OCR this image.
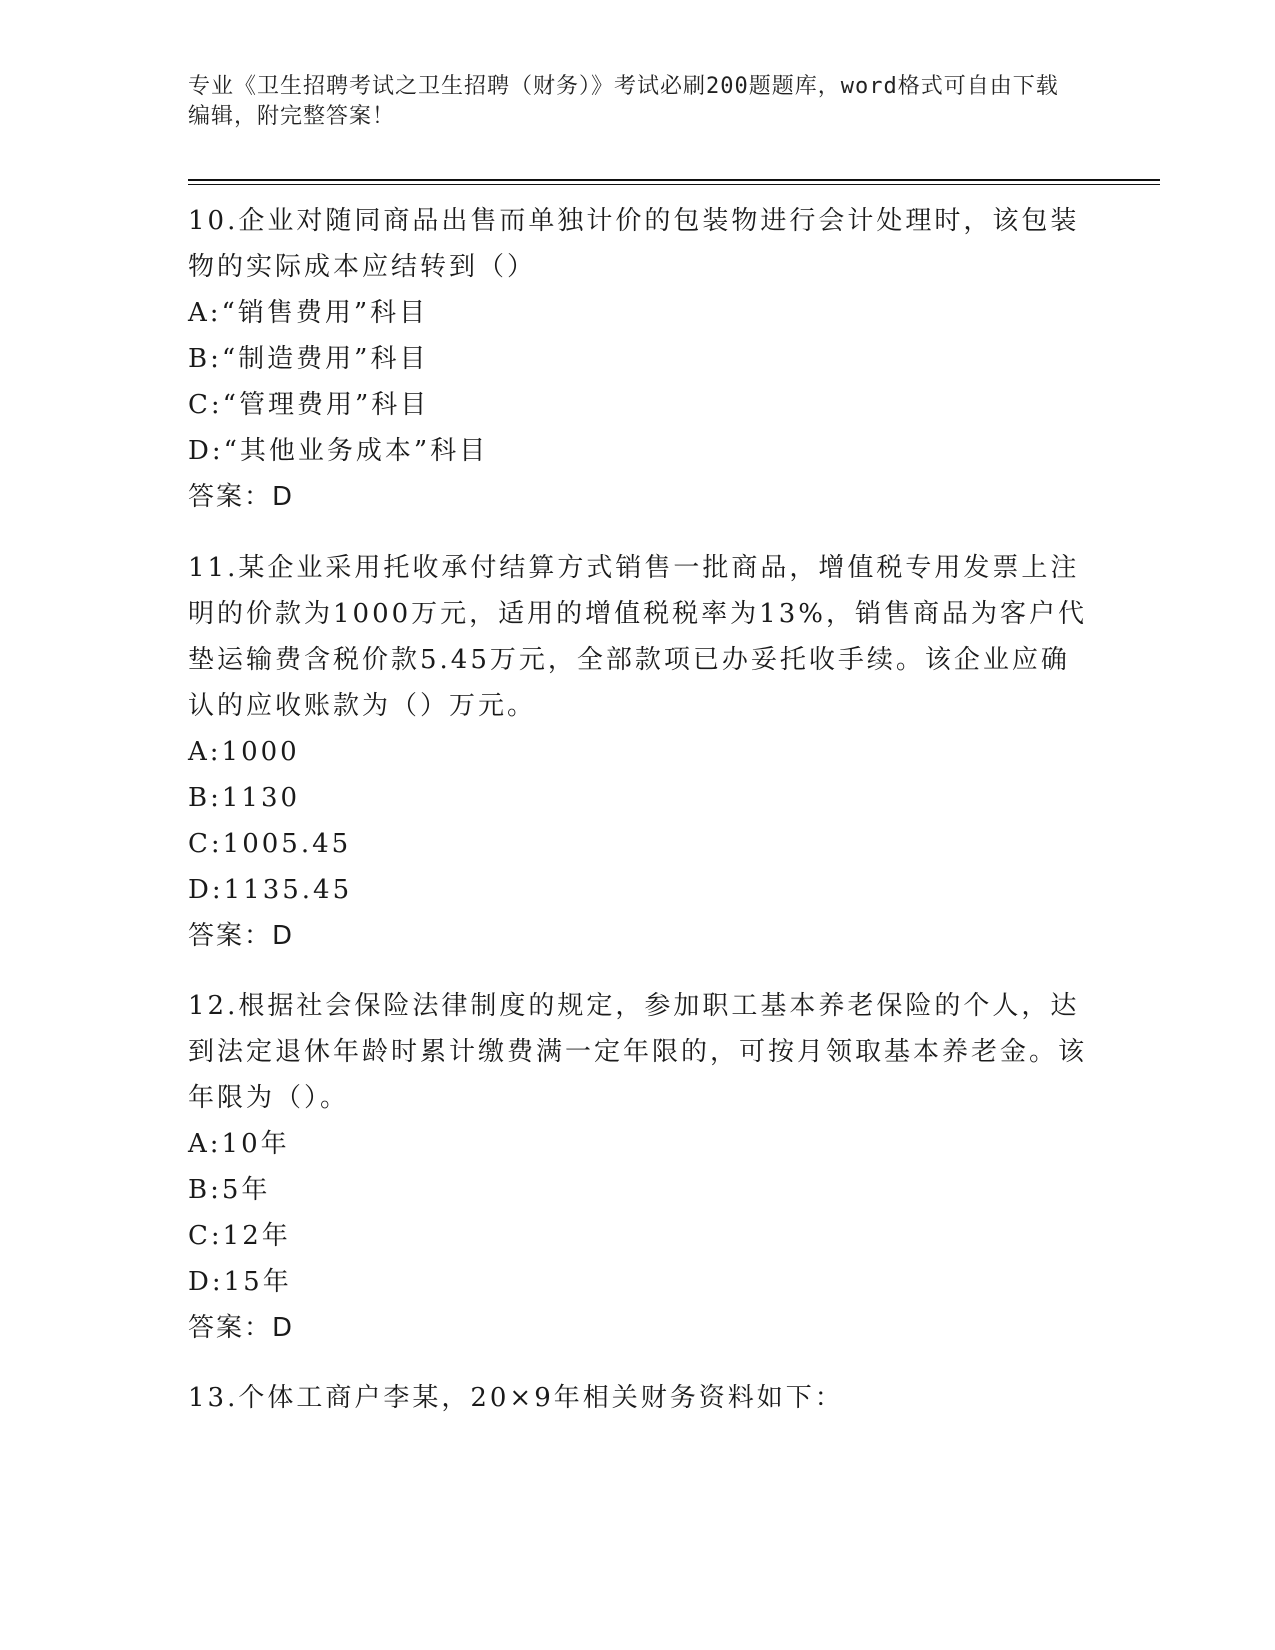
专业《卫生招聘考试之卫生招聘（财务）》考试必刷200题题库，word格式可自由下载编辑，附完整答案！

10.企业对随同商品出售而单独计价的包装物进行会计处理时，该包装物的实际成本应结转到（）

A:“销售费用”科目

B:“制造费用”科目

C:“管理费用”科目

D:“其他业务成本”科目

答案：D

11.某企业采用托收承付结算方式销售一批商品，增值税专用发票上注明的价款为1000万元，适用的增值税税率为13%，销售商品为客户代垫运输费含税价款5.45万元，全部款项已办妥托收手续。该企业应确认的应收账款为（）万元。

A:1000

B:1130

C:1005.45

D:1135.45

答案：D

12.根据社会保险法律制度的规定，参加职工基本养老保险的个人，达到法定退休年龄时累计缴费满一定年限的，可按月领取基本养老金。该年限为（）。

A:10年

B:5年

C:12年

D:15年

答案：D

13.个体工商户李某，20×9年相关财务资料如下：
